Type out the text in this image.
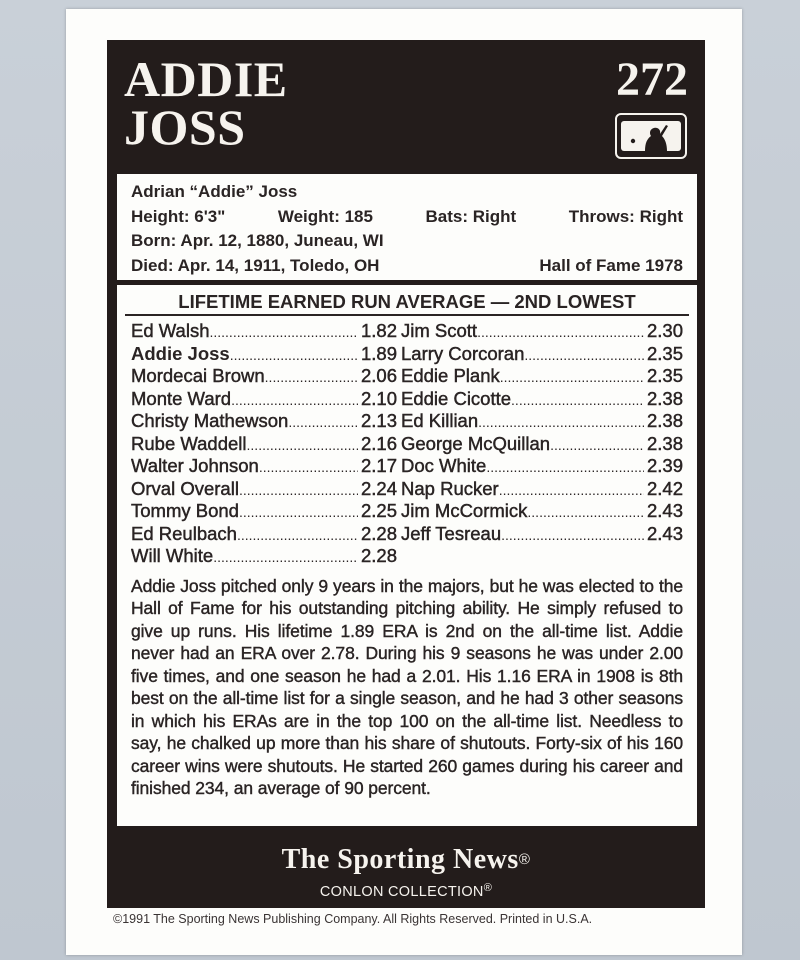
ADDIE
JOSS
272
Adrian “Addie” Joss
Height: 6'3"	Weight: 185	Bats: Right	Throws: Right
Born: Apr. 12, 1880, Juneau, WI
Died: Apr. 14, 1911, Toledo, OH	Hall of Fame 1978
LIFETIME EARNED RUN AVERAGE — 2ND LOWEST
Ed Walsh .....	1.82
Addie Joss .....	1.89
Mordecai Brown .....	2.06
Monte Ward .....	2.10
Christy Mathewson .....	2.13
Rube Waddell .....	2.16
Walter Johnson .....	2.17
Orval Overall .....	2.24
Tommy Bond .....	2.25
Ed Reulbach .....	2.28
Will White .....	2.28
Jim Scott .....	2.30
Larry Corcoran .....	2.35
Eddie Plank .....	2.35
Eddie Cicotte .....	2.38
Ed Killian .....	2.38
George McQuillan .....	2.38
Doc White .....	2.39
Nap Rucker .....	2.42
Jim McCormick .....	2.43
Jeff Tesreau .....	2.43
Addie Joss pitched only 9 years in the majors, but he was elected to the Hall of Fame for his outstanding pitching ability. He simply refused to give up runs. His lifetime 1.89 ERA is 2nd on the all-time list. Addie never had an ERA over 2.78. During his 9 seasons he was under 2.00 five times, and one season he had a 2.01. His 1.16 ERA in 1908 is 8th best on the all-time list for a single season, and he had 3 other seasons in which his ERAs are in the top 100 on the all-time list. Needless to say, he chalked up more than his share of shutouts. Forty-six of his 160 career wins were shutouts. He started 260 games during his career and finished 234, an average of 90 percent.
The Sporting News®
CONLON COLLECTION®
©1991 The Sporting News Publishing Company. All Rights Reserved. Printed in U.S.A.
